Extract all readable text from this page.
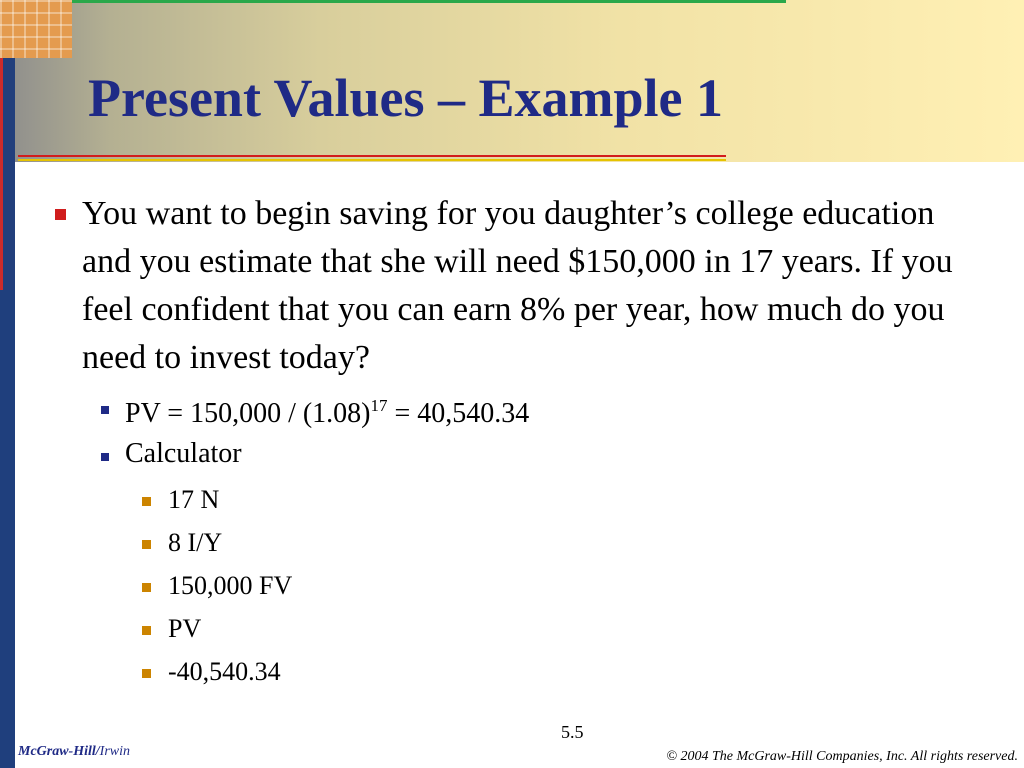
Present Values – Example 1
You want to begin saving for you daughter’s college education and you estimate that she will need $150,000 in 17 years. If you feel confident that you can earn 8% per year, how much do you need to invest today?
PV = $150,000 / (1.08)^{17} = 40,540.34$
Calculator
17 N
8 I/Y
150,000 FV
PV
-40,540.34
5.5
McGraw-Hill/Irwin	© 2004 The McGraw-Hill Companies, Inc. All rights reserved.
